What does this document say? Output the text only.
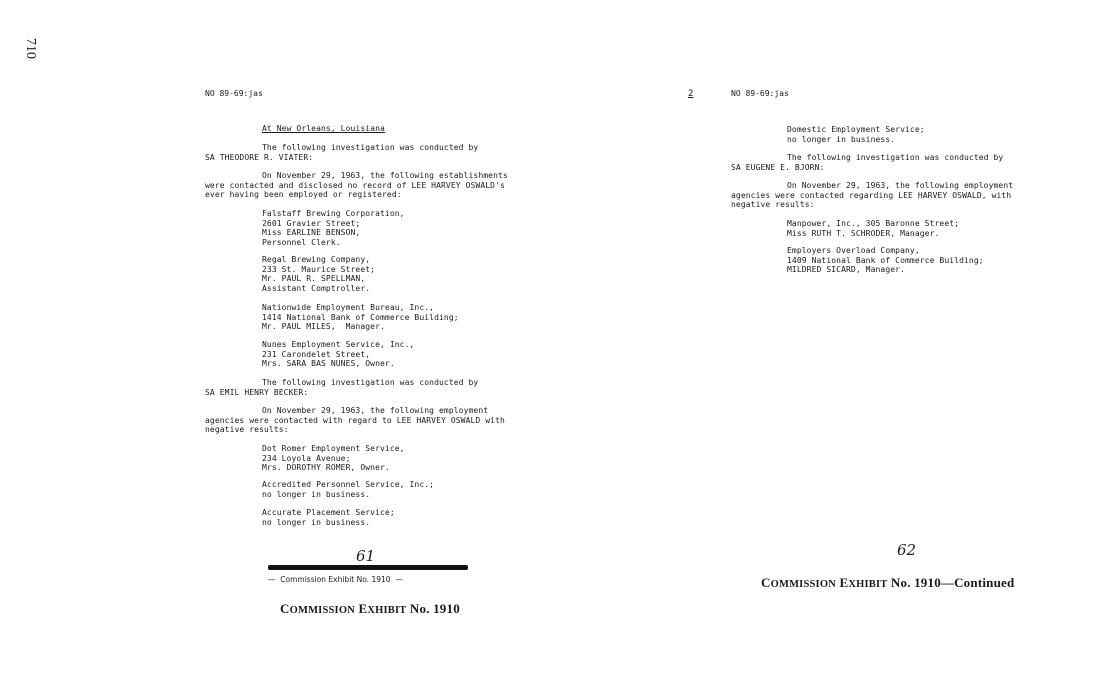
710
NO 89-69:jas
At New Orleans, Louisiana
The following investigation was conducted by
SA THEODORE R. VIATER:
On November 29, 1963, the following establishments
were contacted and disclosed no record of LEE HARVEY OSWALD's
ever having been employed or registered:
Falstaff Brewing Corporation,
2601 Gravier Street;
Miss EARLINE BENSON,
Personnel Clerk.
Regal Brewing Company,
233 St. Maurice Street;
Mr. PAUL R. SPELLMAN,
Assistant Comptroller.
Nationwide Employment Bureau, Inc.,
1414 National Bank of Commerce Building;
Mr. PAUL MILES,  Manager.
Nunes Employment Service, Inc.,
231 Carondelet Street,
Mrs. SARA BAS NUNES, Owner.
The following investigation was conducted by
SA EMIL HENRY BECKER:
On November 29, 1963, the following employment
agencies were contacted with regard to LEE HARVEY OSWALD with
negative results:
Dot Romer Employment Service,
234 Loyola Avenue;
Mrs. DOROTHY ROMER, Owner.
Accredited Personnel Service, Inc.;
no longer in business.
Accurate Placement Service;
no longer in business.
61
—  Commission Exhibit No. 1910  —
COMMISSION EXHIBIT No. 1910
2	NO 89-69:jas
Domestic Employment Service;
no longer in business.
The following investigation was conducted by
SA EUGENE E. BJORN:
On November 29, 1963, the following employment
agencies were contacted regarding LEE HARVEY OSWALD, with
negative results:
Manpower, Inc., 305 Baronne Street;
Miss RUTH T. SCHRODER, Manager.
Employers Overload Company,
1409 National Bank of Commerce Building;
MILDRED SICARD, Manager.
62
COMMISSION EXHIBIT No. 1910—Continued
